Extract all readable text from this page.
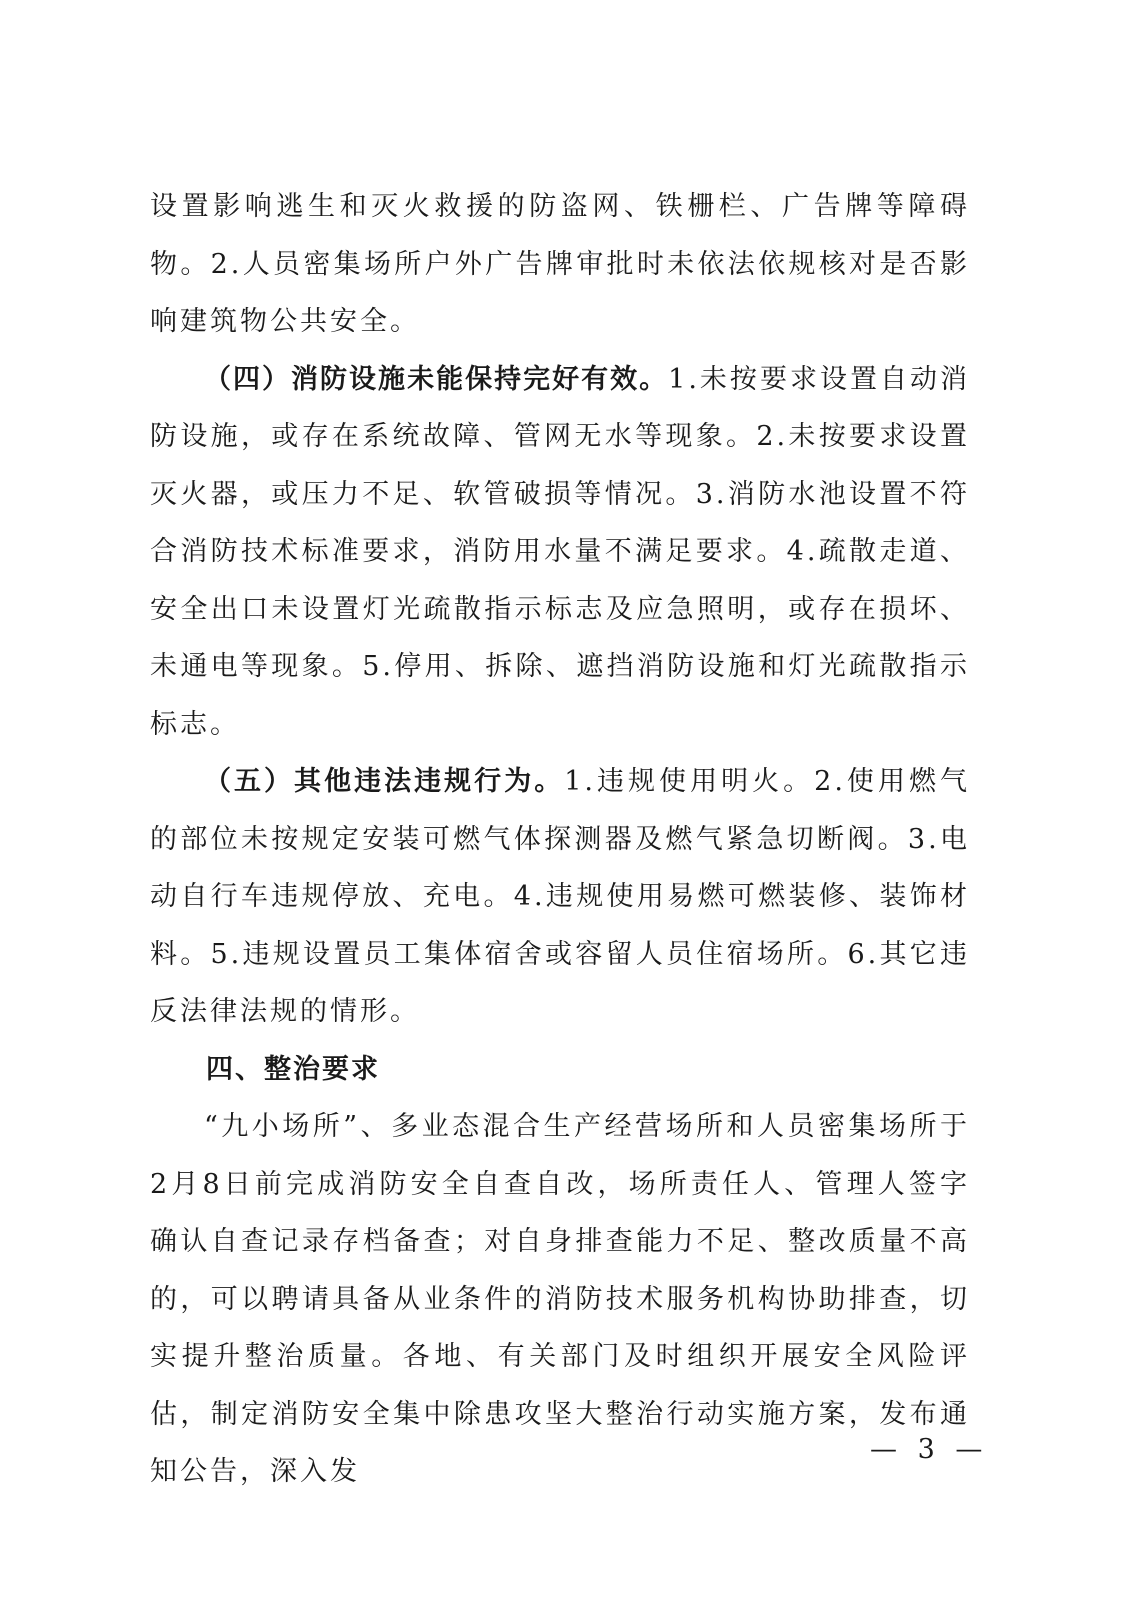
设置影响逃生和灭火救援的防盗网、铁栅栏、广告牌等障碍物。2.人员密集场所户外广告牌审批时未依法依规核对是否影响建筑物公共安全。

（四）消防设施未能保持完好有效。1.未按要求设置自动消防设施，或存在系统故障、管网无水等现象。2.未按要求设置灭火器，或压力不足、软管破损等情况。3.消防水池设置不符合消防技术标准要求，消防用水量不满足要求。4.疏散走道、安全出口未设置灯光疏散指示标志及应急照明，或存在损坏、未通电等现象。5.停用、拆除、遮挡消防设施和灯光疏散指示标志。

（五）其他违法违规行为。1.违规使用明火。2.使用燃气的部位未按规定安装可燃气体探测器及燃气紧急切断阀。3.电动自行车违规停放、充电。4.违规使用易燃可燃装修、装饰材料。5.违规设置员工集体宿舍或容留人员住宿场所。6.其它违反法律法规的情形。

四、整治要求

“九小场所”、多业态混合生产经营场所和人员密集场所于2月8日前完成消防安全自查自改，场所责任人、管理人签字确认自查记录存档备查；对自身排查能力不足、整改质量不高的，可以聘请具备从业条件的消防技术服务机构协助排查，切实提升整治质量。各地、有关部门及时组织开展安全风险评估，制定消防安全集中除患攻坚大整治行动实施方案，发布通知公告，深入发

— 3 —
